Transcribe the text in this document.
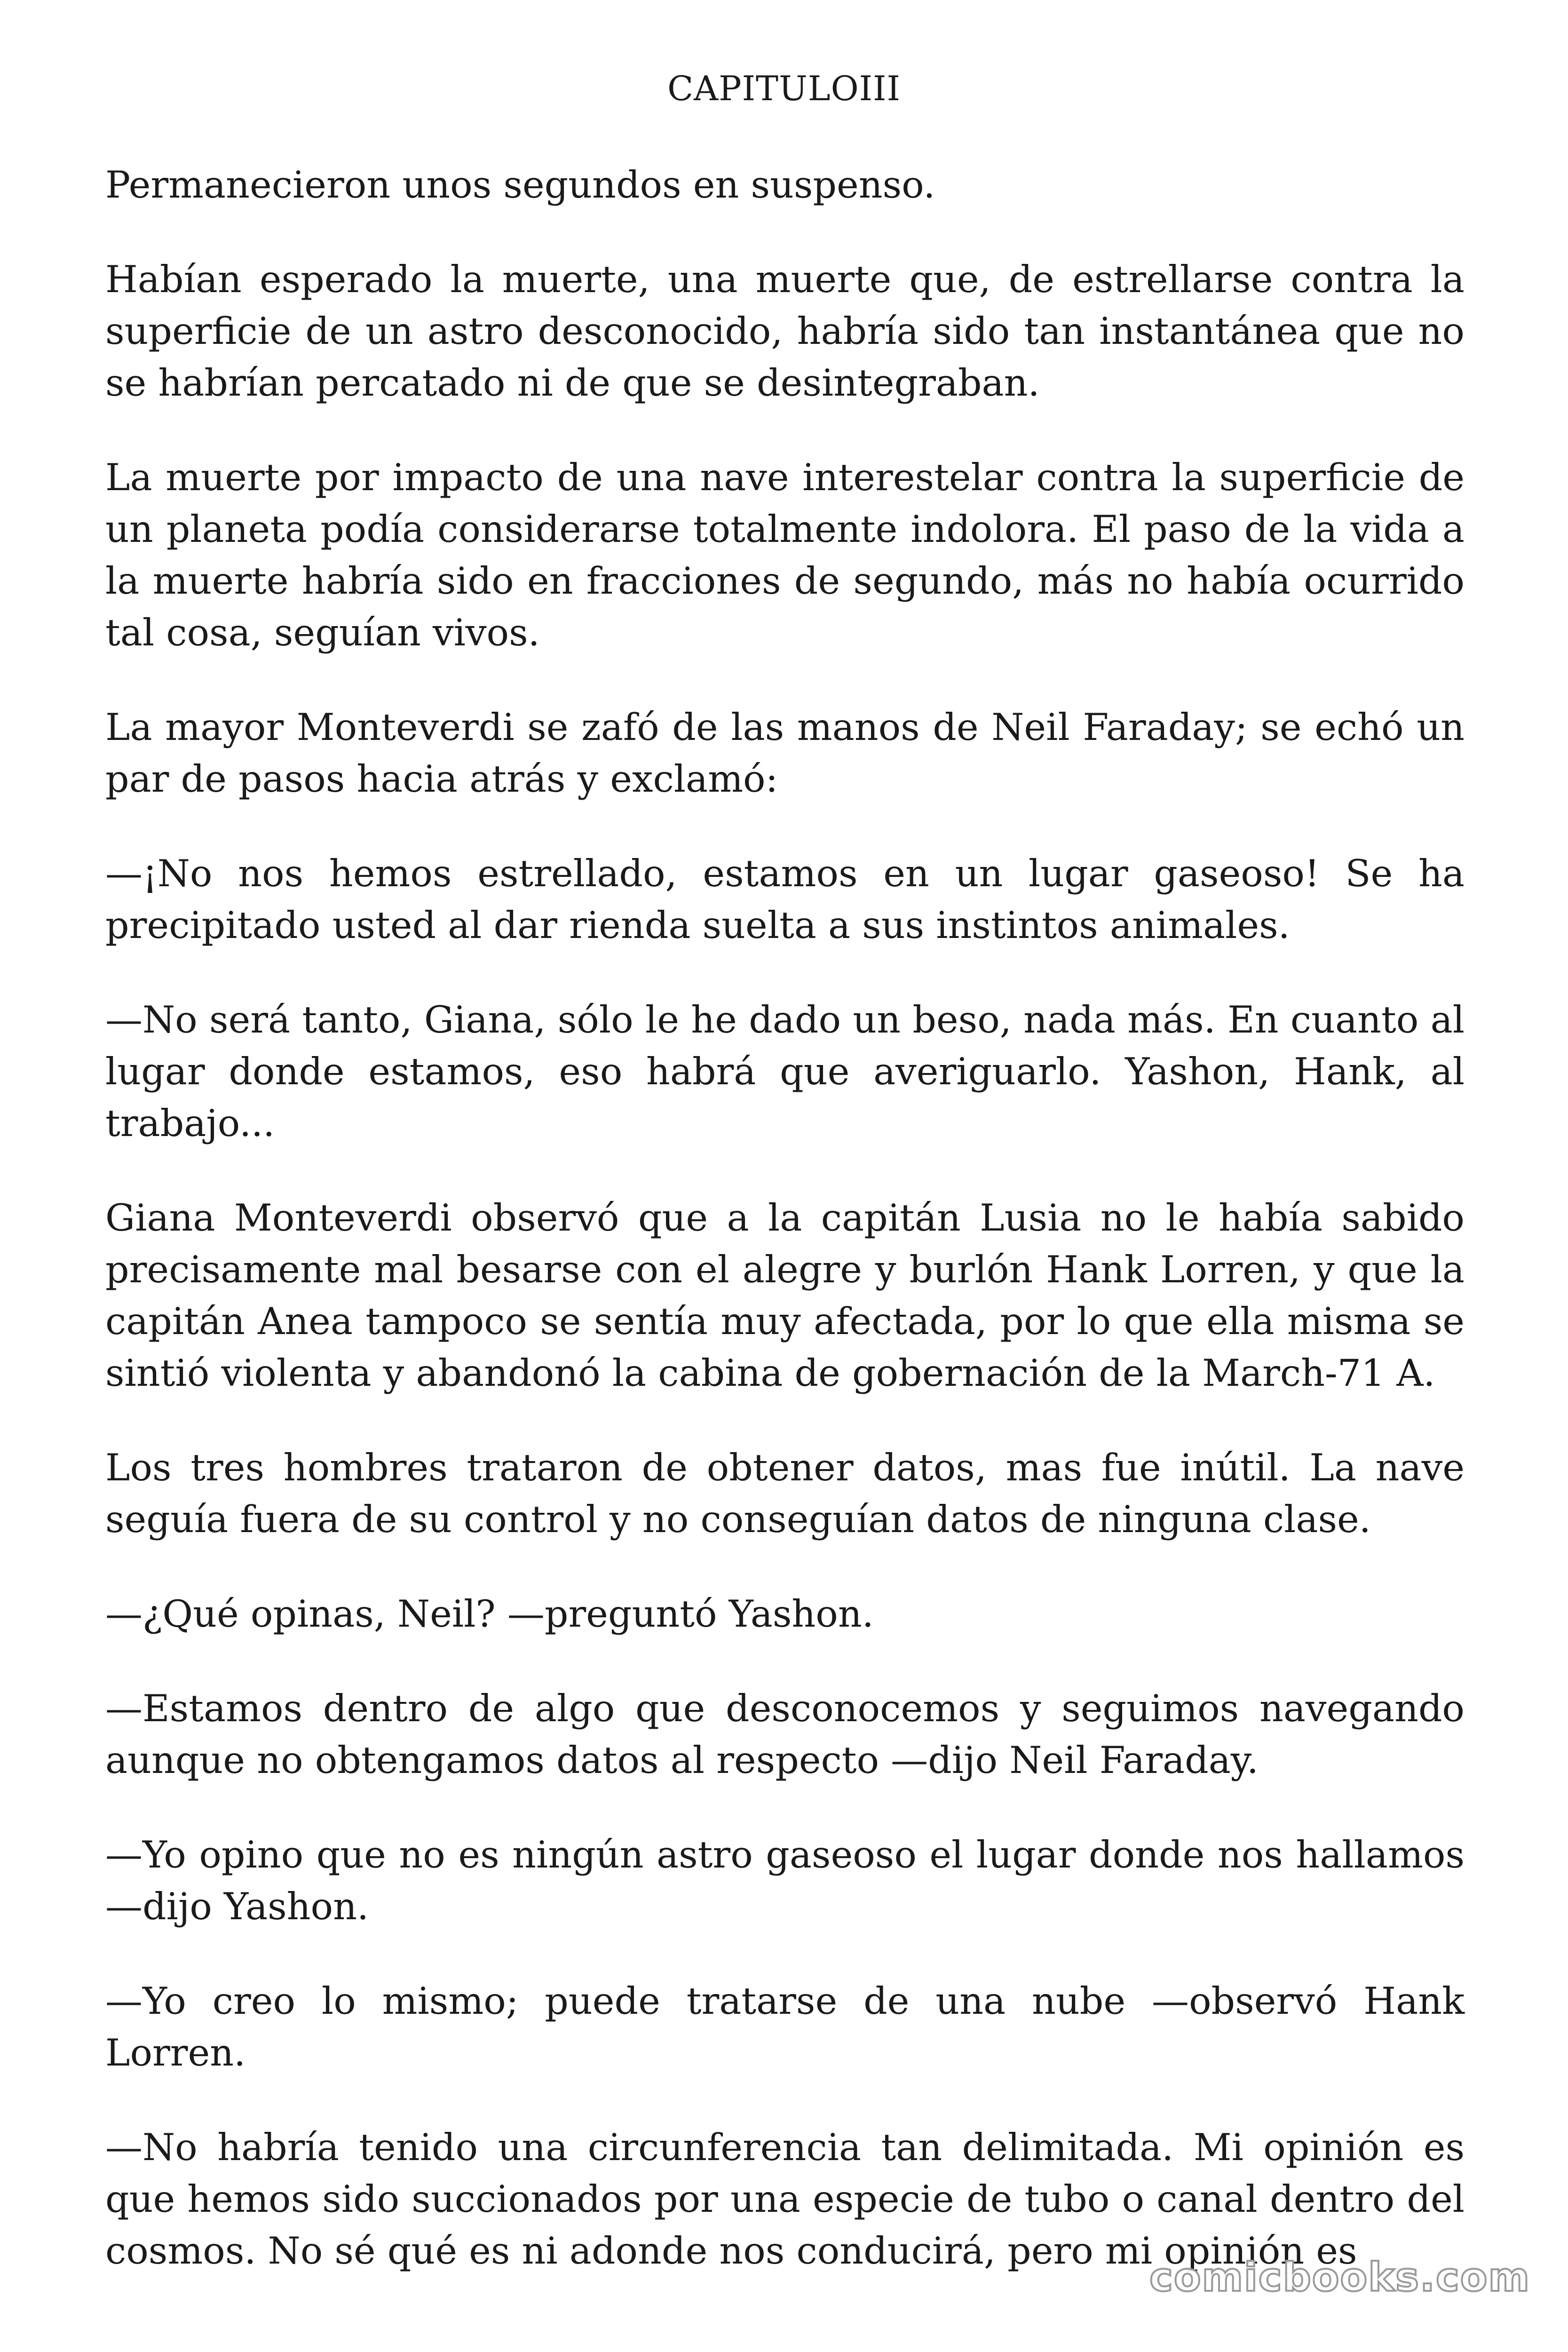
CAPITULOIII

Permanecieron unos segundos en suspenso.

Habían esperado la muerte, una muerte que, de estrellarse contra la superficie de un astro desconocido, habría sido tan instantánea que no se habrían percatado ni de que se desintegraban.

La muerte por impacto de una nave interestelar contra la superficie de un planeta podía considerarse totalmente indolora. El paso de la vida a la muerte habría sido en fracciones de segundo, más no había ocurrido tal cosa, seguían vivos.

La mayor Monteverdi se zafó de las manos de Neil Faraday; se echó un par de pasos hacia atrás y exclamó:

—¡No nos hemos estrellado, estamos en un lugar gaseoso! Se ha precipitado usted al dar rienda suelta a sus instintos animales.

—No será tanto, Giana, sólo le he dado un beso, nada más. En cuanto al lugar donde estamos, eso habrá que averiguarlo. Yashon, Hank, al trabajo...

Giana Monteverdi observó que a la capitán Lusia no le había sabido precisamente mal besarse con el alegre y burlón Hank Lorren, y que la capitán Anea tampoco se sentía muy afectada, por lo que ella misma se sintió violenta y abandonó la cabina de gobernación de la March-71 A.

Los tres hombres trataron de obtener datos, mas fue inútil. La nave seguía fuera de su control y no conseguían datos de ninguna clase.

—¿Qué opinas, Neil? —preguntó Yashon.

—Estamos dentro de algo que desconocemos y seguimos navegando aunque no obtengamos datos al respecto —dijo Neil Faraday.

—Yo opino que no es ningún astro gaseoso el lugar donde nos hallamos —dijo Yashon.

—Yo creo lo mismo; puede tratarse de una nube —observó Hank Lorren.

—No habría tenido una circunferencia tan delimitada. Mi opinión es que hemos sido succionados por una especie de tubo o canal dentro del cosmos. No sé qué es ni adonde nos conducirá, pero mi opinión es

comicbooks.com
